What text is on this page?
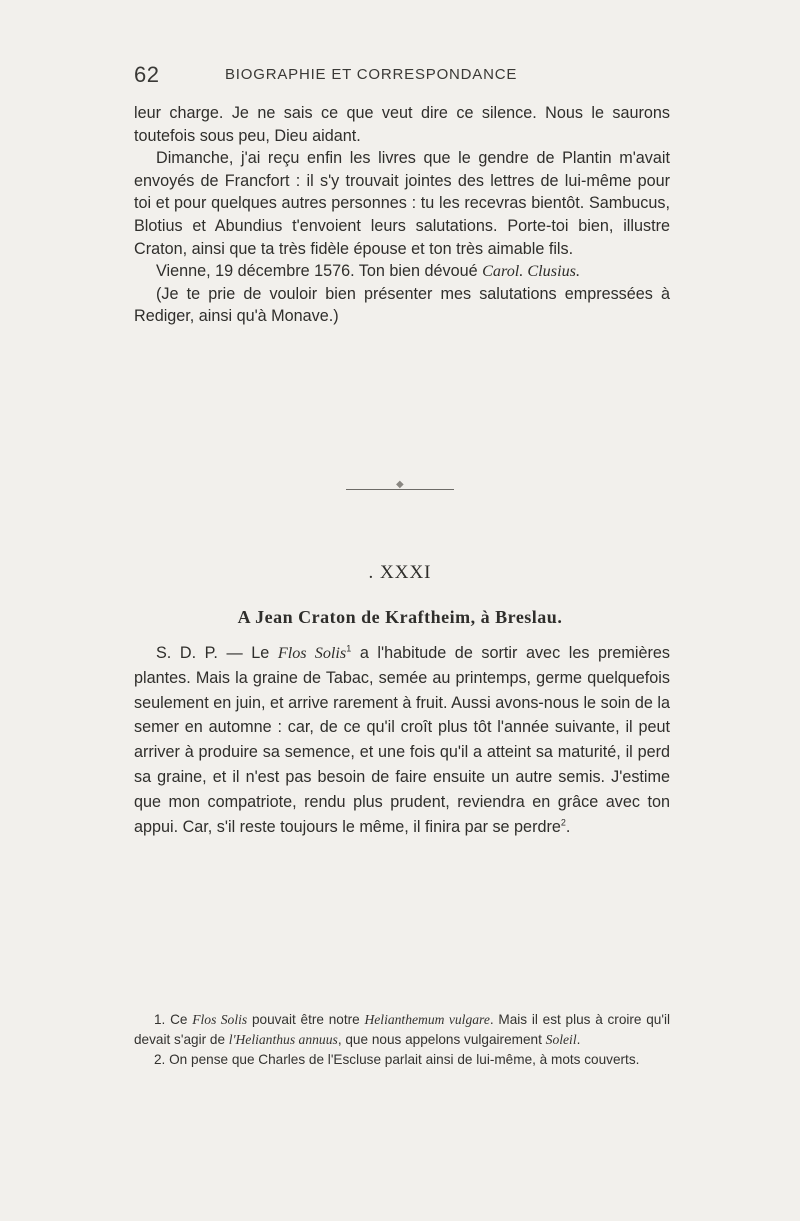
62	BIOGRAPHIE ET CORRESPONDANCE

leur charge. Je ne sais ce que veut dire ce silence. Nous le saurons toutefois sous peu, Dieu aidant.

Dimanche, j'ai reçu enfin les livres que le gendre de Plantin m'avait envoyés de Francfort : il s'y trouvait jointes des lettres de lui-même pour toi et pour quelques autres personnes : tu les recevras bientôt. Sambucus, Blotius et Abundius t'envoient leurs salutations. Porte-toi bien, illustre Craton, ainsi que ta très fidèle épouse et ton très aimable fils.

Vienne, 19 décembre 1576. Ton bien dévoué Carol. Clusius.

(Je te prie de vouloir bien présenter mes salutations empressées à Rediger, ainsi qu'à Monave.)

◆
. XXXI
A Jean Craton de Kraftheim, à Breslau.

S. D. P. — Le Flos Solis$^1$ a l'habitude de sortir avec les premières plantes. Mais la graine de Tabac, semée au printemps, germe quelquefois seulement en juin, et arrive rarement à fruit. Aussi avons-nous le soin de la semer en automne : car, de ce qu'il croît plus tôt l'année suivante, il peut arriver à produire sa semence, et une fois qu'il a atteint sa maturité, il perd sa graine, et il n'est pas besoin de faire ensuite un autre semis. J'estime que mon compatriote, rendu plus prudent, reviendra en grâce avec ton appui. Car, s'il reste toujours le même, il finira par se perdre$^2$.

1. Ce Flos Solis pouvait être notre Helianthemum vulgare. Mais il est plus à croire qu'il devait s'agir de l'Helianthus annuus, que nous appelons vulgairement Soleil.

2. On pense que Charles de l'Escluse parlait ainsi de lui-même, à mots couverts.
